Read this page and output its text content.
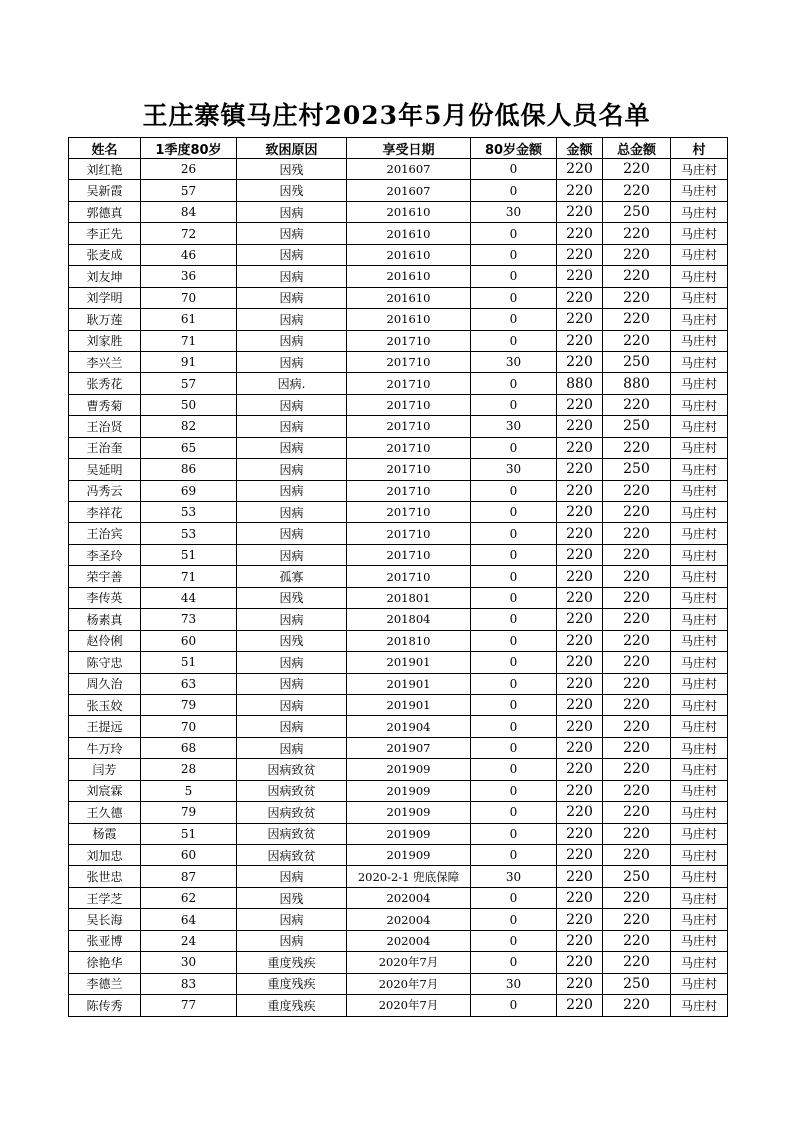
王庄寨镇马庄村2023年5月份低保人员名单
姓名	1季度80岁	致困原因	享受日期	80岁金额	金额	总金额	村
刘红艳	26	因残	201607	0	220	220	马庄村
吴新霞	57	因残	201607	0	220	220	马庄村
郭德真	84	因病	201610	30	220	250	马庄村
李正先	72	因病	201610	0	220	220	马庄村
张麦成	46	因病	201610	0	220	220	马庄村
刘友坤	36	因病	201610	0	220	220	马庄村
刘学明	70	因病	201610	0	220	220	马庄村
耿万莲	61	因病	201610	0	220	220	马庄村
刘家胜	71	因病	201710	0	220	220	马庄村
李兴兰	91	因病	201710	30	220	250	马庄村
张秀花	57	因病.	201710	0	880	880	马庄村
曹秀菊	50	因病	201710	0	220	220	马庄村
王治贤	82	因病	201710	30	220	250	马庄村
王治奎	65	因病	201710	0	220	220	马庄村
吴延明	86	因病	201710	30	220	250	马庄村
冯秀云	69	因病	201710	0	220	220	马庄村
李祥花	53	因病	201710	0	220	220	马庄村
王治宾	53	因病	201710	0	220	220	马庄村
李圣玲	51	因病	201710	0	220	220	马庄村
荣宇善	71	孤寡	201710	0	220	220	马庄村
李传英	44	因残	201801	0	220	220	马庄村
杨素真	73	因病	201804	0	220	220	马庄村
赵伶俐	60	因残	201810	0	220	220	马庄村
陈守忠	51	因病	201901	0	220	220	马庄村
周久治	63	因病	201901	0	220	220	马庄村
张玉姣	79	因病	201901	0	220	220	马庄村
王提远	70	因病	201904	0	220	220	马庄村
牛万玲	68	因病	201907	0	220	220	马庄村
闫芳	28	因病致贫	201909	0	220	220	马庄村
刘宸霖	5	因病致贫	201909	0	220	220	马庄村
王久德	79	因病致贫	201909	0	220	220	马庄村
杨霞	51	因病致贫	201909	0	220	220	马庄村
刘加忠	60	因病致贫	201909	0	220	220	马庄村
张世忠	87	因病	2020-2-1 兜底保障	30	220	250	马庄村
王学芝	62	因残	202004	0	220	220	马庄村
吴长海	64	因病	202004	0	220	220	马庄村
张亚博	24	因病	202004	0	220	220	马庄村
徐艳华	30	重度残疾	2020年7月	0	220	220	马庄村
李德兰	83	重度残疾	2020年7月	30	220	250	马庄村
陈传秀	77	重度残疾	2020年7月	0	220	220	马庄村
